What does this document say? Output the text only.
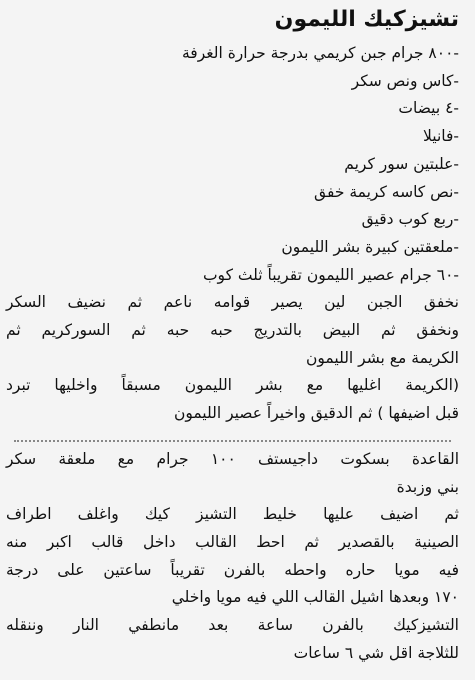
تشيزكيك الليمون
-٨٠٠ جرام جبن كريمي بدرجة حرارة الغرفة
-كاس ونص سكر
-٤ بيضات
-فانيلا
-علبتين سور كريم
-نص كاسه كريمة خفق
-ربع كوب دقيق
-ملعقتين كبيرة بشر الليمون
-٦٠ جرام عصير الليمون تقريباً ثلث كوب
نخفق الجبن لين يصير قوامه ناعم ثم نضيف السكر
ونخفق ثم البيض بالتدريج حبه حبه ثم السوركريم ثم
الكريمة مع بشر الليمون
(الكريمة اغليها مع بشر الليمون مسبقاً واخليها تبرد
قبل اضيفها ) ثم الدقيق واخيراً عصير الليمون
القاعدة بسكوت داجيستف ١٠٠ جرام مع ملعقة سكر
بني وزبدة
ثم اضيف عليها خليط التشيز كيك واغلف اطراف
الصينية بالقصدير ثم احط القالب داخل قالب اكبر منه
فيه مويا حاره واحطه بالفرن تقريباً ساعتين على درجة
١٧٠ وبعدها اشيل القالب اللي فيه مويا واخلي
التشيزكيك بالفرن ساعة بعد مانطفي النار وننقله
للثلاجة اقل شي ٦ ساعات
